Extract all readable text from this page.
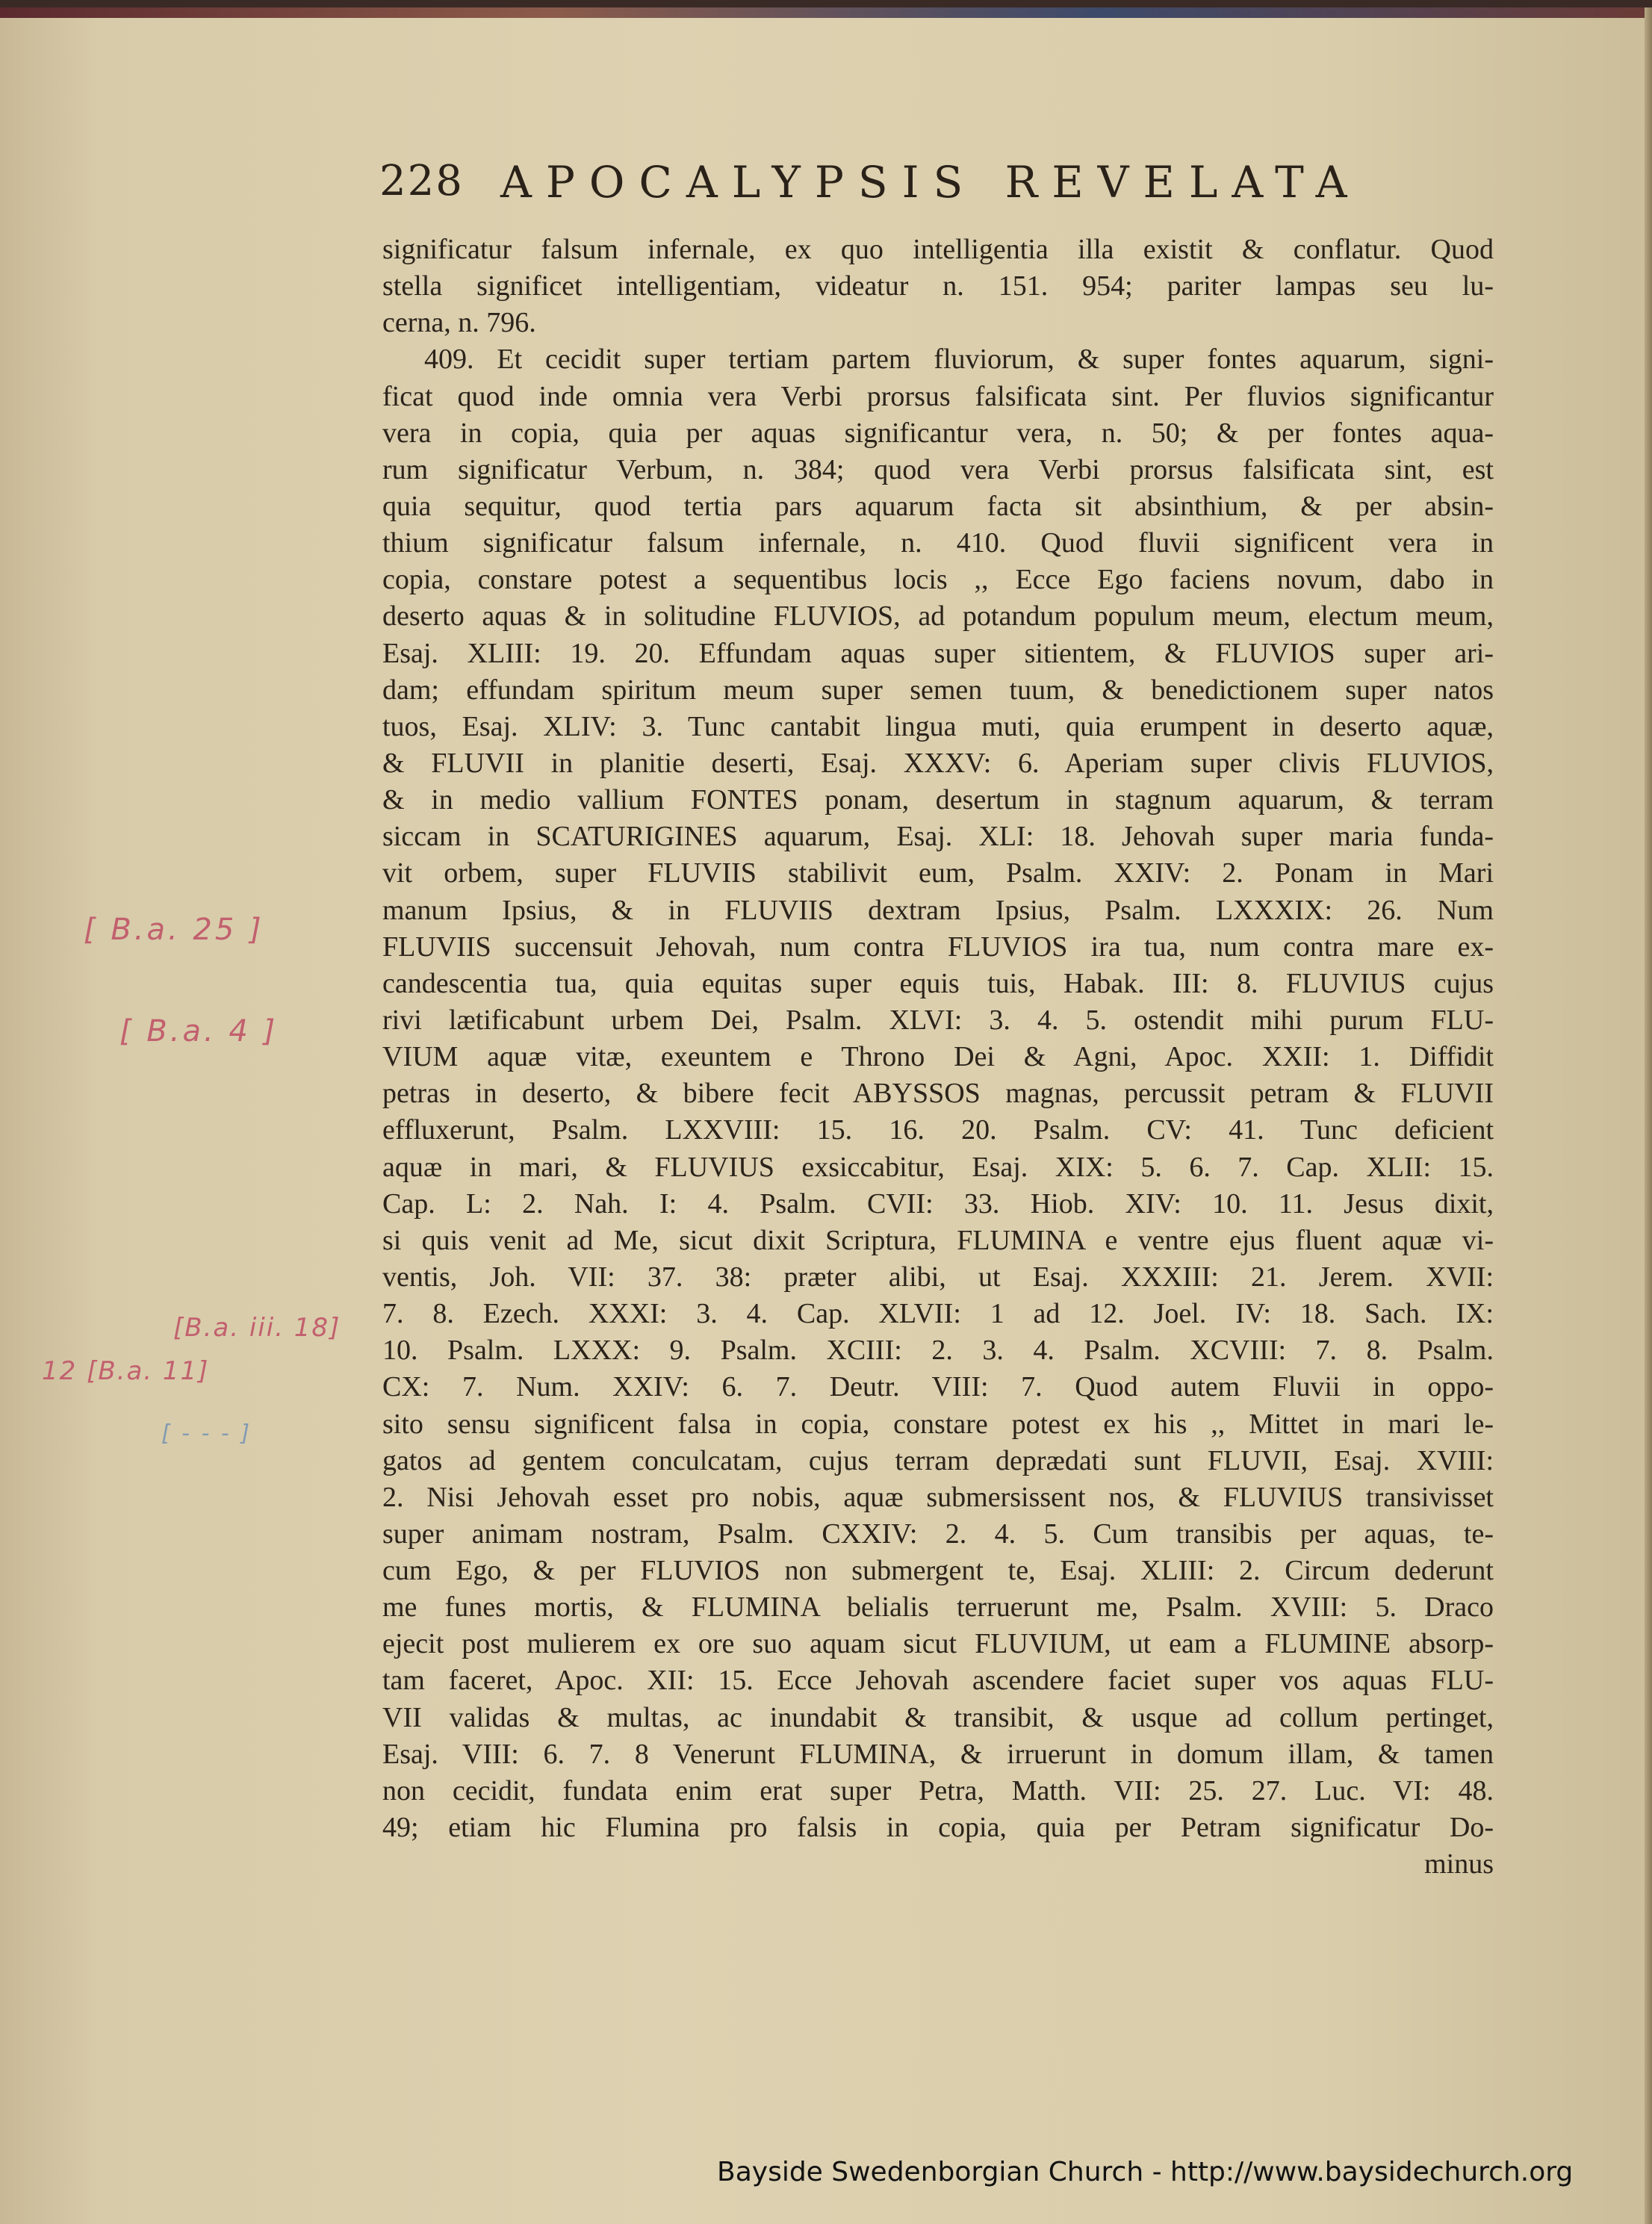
228 APOCALYPSIS REVELATA
significatur falsum infernale, ex quo intelligentia illa existit & conflatur. Quod
stella significet intelligentiam, videatur n. 151. 954; pariter lampas seu lu-
cerna, n. 796.
409. Et cecidit super tertiam partem fluviorum, & super fontes aquarum, signi-
ficat quod inde omnia vera Verbi prorsus falsificata sint. Per fluvios significantur
vera in copia, quia per aquas significantur vera, n. 50; & per fontes aqua-
rum significatur Verbum, n. 384; quod vera Verbi prorsus falsificata sint, est
quia sequitur, quod tertia pars aquarum facta sit absinthium, & per absin-
thium significatur falsum infernale, n. 410. Quod fluvii significent vera in
copia, constare potest a sequentibus locis ,, Ecce Ego faciens novum, dabo in
deserto aquas & in solitudine FLUVIOS, ad potandum populum meum, electum meum,
Esaj. XLIII: 19. 20. Effundam aquas super sitientem, & FLUVIOS super ari-
dam; effundam spiritum meum super semen tuum, & benedictionem super natos
tuos, Esaj. XLIV: 3. Tunc cantabit lingua muti, quia erumpent in deserto aquæ,
& FLUVII in planitie deserti, Esaj. XXXV: 6. Aperiam super clivis FLUVIOS,
& in medio vallium FONTES ponam, desertum in stagnum aquarum, & terram
siccam in SCATURIGINES aquarum, Esaj. XLI: 18. Jehovah super maria funda-
vit orbem, super FLUVIIS stabilivit eum, Psalm. XXIV: 2. Ponam in Mari
manum Ipsius, & in FLUVIIS dextram Ipsius, Psalm. LXXXIX: 26. Num
FLUVIIS succensuit Jehovah, num contra FLUVIOS ira tua, num contra mare ex-
candescentia tua, quia equitas super equis tuis, Habak. III: 8. FLUVIUS cujus
rivi lætificabunt urbem Dei, Psalm. XLVI: 3. 4. 5. ostendit mihi purum FLU-
VIUM aquæ vitæ, exeuntem e Throno Dei & Agni, Apoc. XXII: 1. Diffidit
petras in deserto, & bibere fecit ABYSSOS magnas, percussit petram & FLUVII
effluxerunt, Psalm. LXXVIII: 15. 16. 20. Psalm. CV: 41. Tunc deficient
aquæ in mari, & FLUVIUS exsiccabitur, Esaj. XIX: 5. 6. 7. Cap. XLII: 15.
Cap. L: 2. Nah. I: 4. Psalm. CVII: 33. Hiob. XIV: 10. 11. Jesus dixit,
si quis venit ad Me, sicut dixit Scriptura, FLUMINA e ventre ejus fluent aquæ vi-
ventis, Joh. VII: 37. 38: præter alibi, ut Esaj. XXXIII: 21. Jerem. XVII:
7. 8. Ezech. XXXI: 3. 4. Cap. XLVII: 1 ad 12. Joel. IV: 18. Sach. IX:
10. Psalm. LXXX: 9. Psalm. XCIII: 2. 3. 4. Psalm. XCVIII: 7. 8. Psalm.
CX: 7. Num. XXIV: 6. 7. Deutr. VIII: 7. Quod autem Fluvii in oppo-
sito sensu significent falsa in copia, constare potest ex his ,, Mittet in mari le-
gatos ad gentem conculcatam, cujus terram deprædati sunt FLUVII, Esaj. XVIII:
2. Nisi Jehovah esset pro nobis, aquæ submersissent nos, & FLUVIUS transivisset
super animam nostram, Psalm. CXXIV: 2. 4. 5. Cum transibis per aquas, te-
cum Ego, & per FLUVIOS non submergent te, Esaj. XLIII: 2. Circum dederunt
me funes mortis, & FLUMINA belialis terruerunt me, Psalm. XVIII: 5. Draco
ejecit post mulierem ex ore suo aquam sicut FLUVIUM, ut eam a FLUMINE absorp-
tam faceret, Apoc. XII: 15. Ecce Jehovah ascendere faciet super vos aquas FLU-
VII validas & multas, ac inundabit & transibit, & usque ad collum pertinget,
Esaj. VIII: 6. 7. 8 Venerunt FLUMINA, & irruerunt in domum illam, & tamen
non cecidit, fundata enim erat super Petra, Matth. VII: 25. 27. Luc. VI: 48.
49; etiam hic Flumina pro falsis in copia, quia per Petram significatur Do-
minus
[ B.a. 25 ]
[ B.a. 4 ]
[B.a. iii. 18]
12 [B.a. 11]
[ - - - ]
Bayside Swedenborgian Church - http://www.baysidechurch.org
